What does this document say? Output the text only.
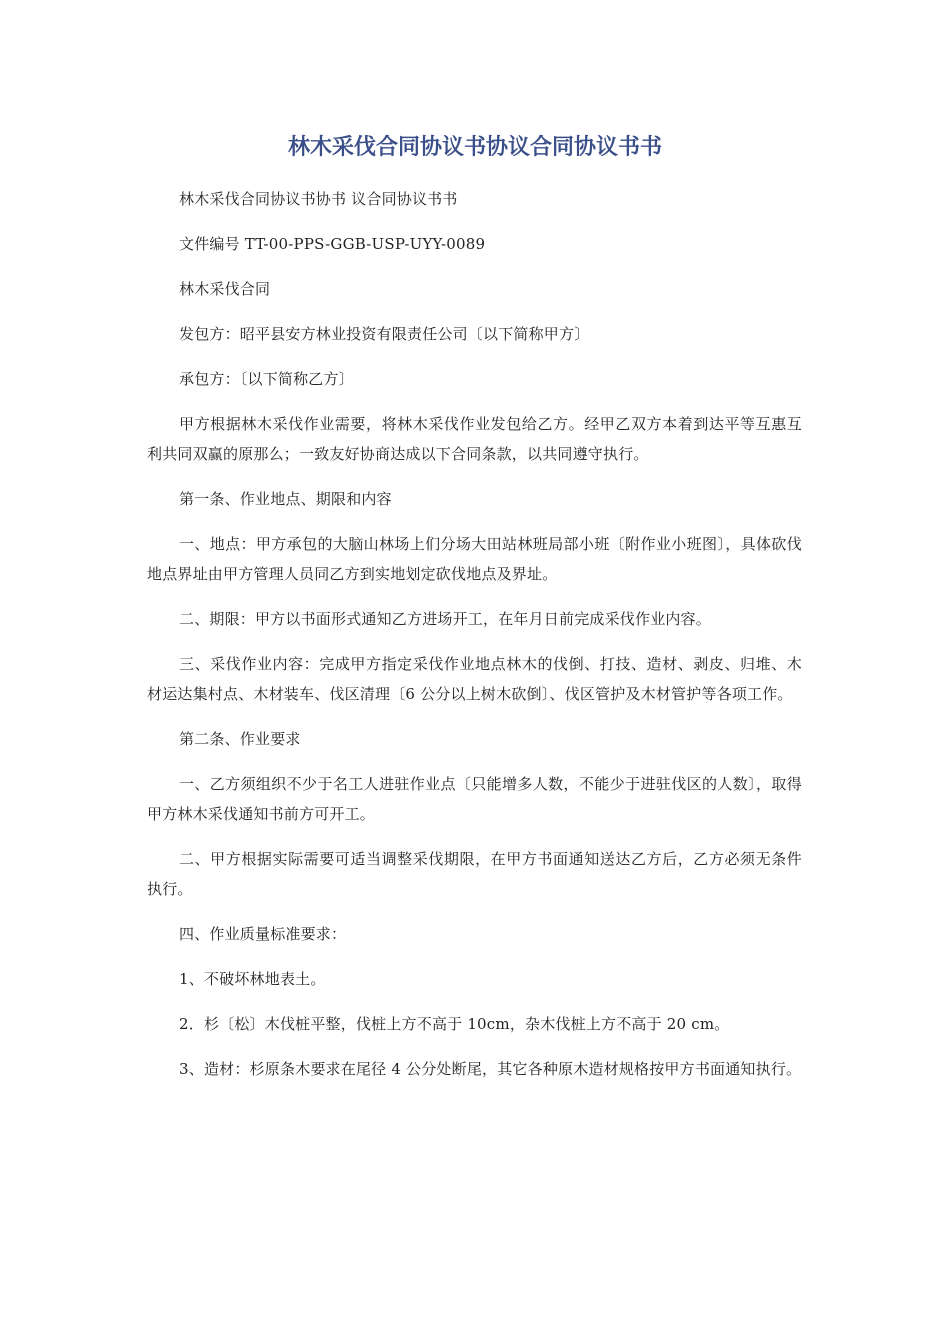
林木采伐合同协议书协议合同协议书书

林木采伐合同协议书协书 议合同协议书书

文件编号 TT-00-PPS-GGB-USP-UYY-0089

林木采伐合同

发包方：昭平县安方林业投资有限责任公司〔以下简称甲方〕

承包方：〔以下简称乙方〕

甲方根据林木采伐作业需要，将林木采伐作业发包给乙方。经甲乙双方本着到达平等互惠互利共同双赢的原那么；一致友好协商达成以下合同条款，以共同遵守执行。

第一条、作业地点、期限和内容

一、地点：甲方承包的大脑山林场上们分场大田站林班局部小班〔附作业小班图〕，具体砍伐地点界址由甲方管理人员同乙方到实地划定砍伐地点及界址。

二、期限：甲方以书面形式通知乙方进场开工，在年月日前完成采伐作业内容。

三、采伐作业内容：完成甲方指定采伐作业地点林木的伐倒、打技、造材、剥皮、归堆、木材运达集村点、木材装车、伐区清理〔6 公分以上树木砍倒〕、伐区管护及木材管护等各项工作。

第二条、作业要求

一、乙方须组织不少于名工人进驻作业点〔只能增多人数，不能少于进驻伐区的人数〕，取得甲方林木采伐通知书前方可开工。

二、甲方根据实际需要可适当调整采伐期限，在甲方书面通知送达乙方后，乙方必须无条件执行。

四、作业质量标准要求：

1、不破坏林地表土。

2．杉〔松〕木伐桩平整，伐桩上方不高于 10cm，杂木伐桩上方不高于 20 cm。

3、造材：杉原条木要求在尾径 4 公分处断尾，其它各种原木造材规格按甲方书面通知执行。
